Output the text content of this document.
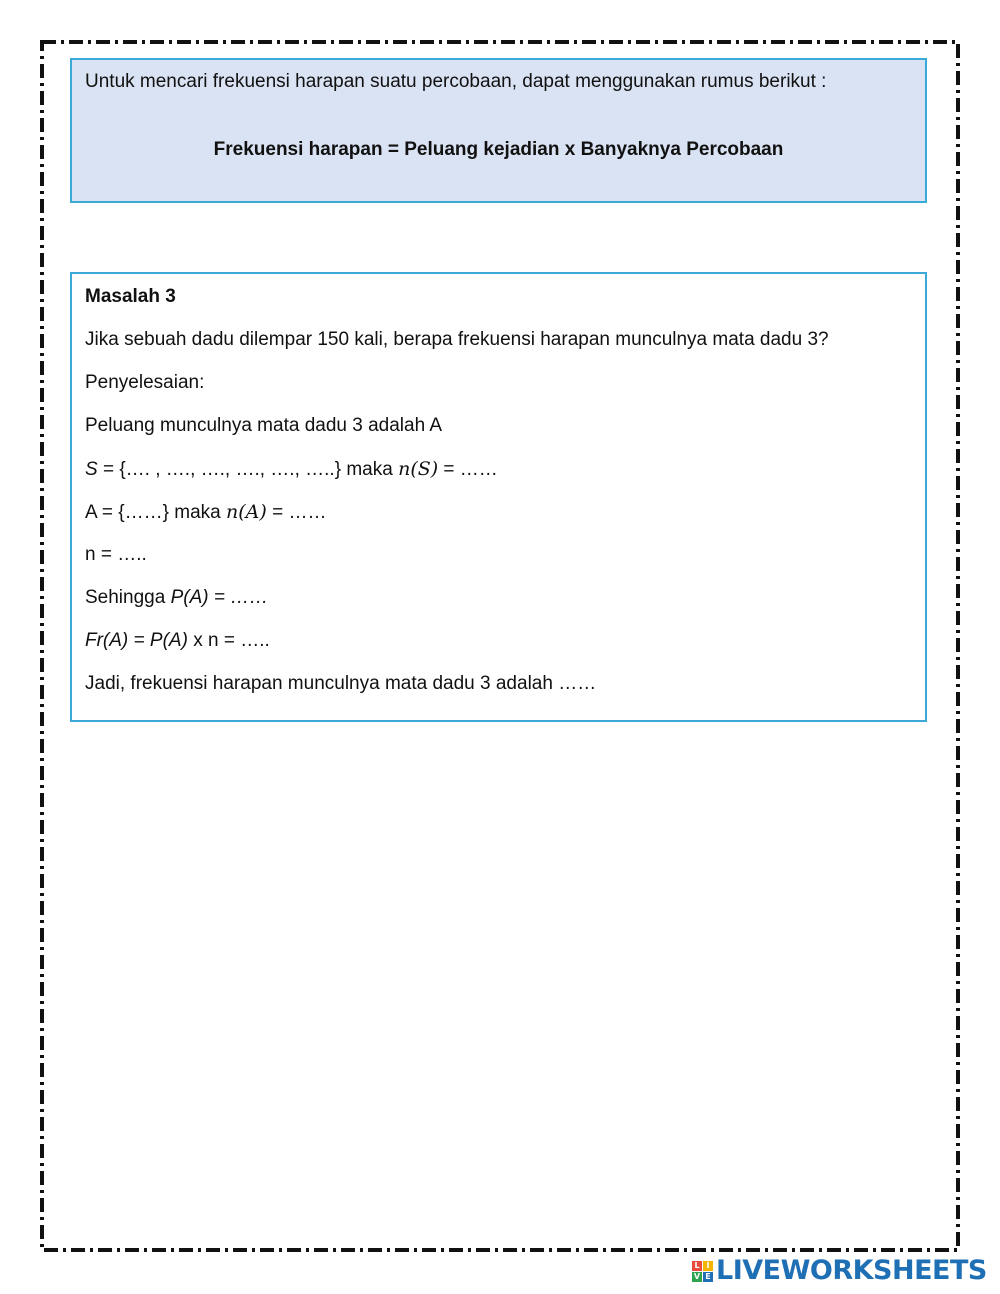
Untuk mencari frekuensi harapan suatu percobaan, dapat menggunakan rumus berikut :
Frekuensi harapan = Peluang kejadian x Banyaknya Percobaan
Masalah 3
Jika sebuah dadu dilempar 150 kali, berapa frekuensi harapan munculnya mata dadu 3?
Penyelesaian:
Peluang munculnya mata dadu 3 adalah A
S = {…. , …., …., …., …., …..} maka n(S) = ……
A = {……} maka n(A) = ……
n = …..
Sehingga P(A) = ……
Fr(A) = P(A) x n = …..
Jadi, frekuensi harapan munculnya mata dadu 3 adalah ……
L I
V E LIVEWORKSHEETS
